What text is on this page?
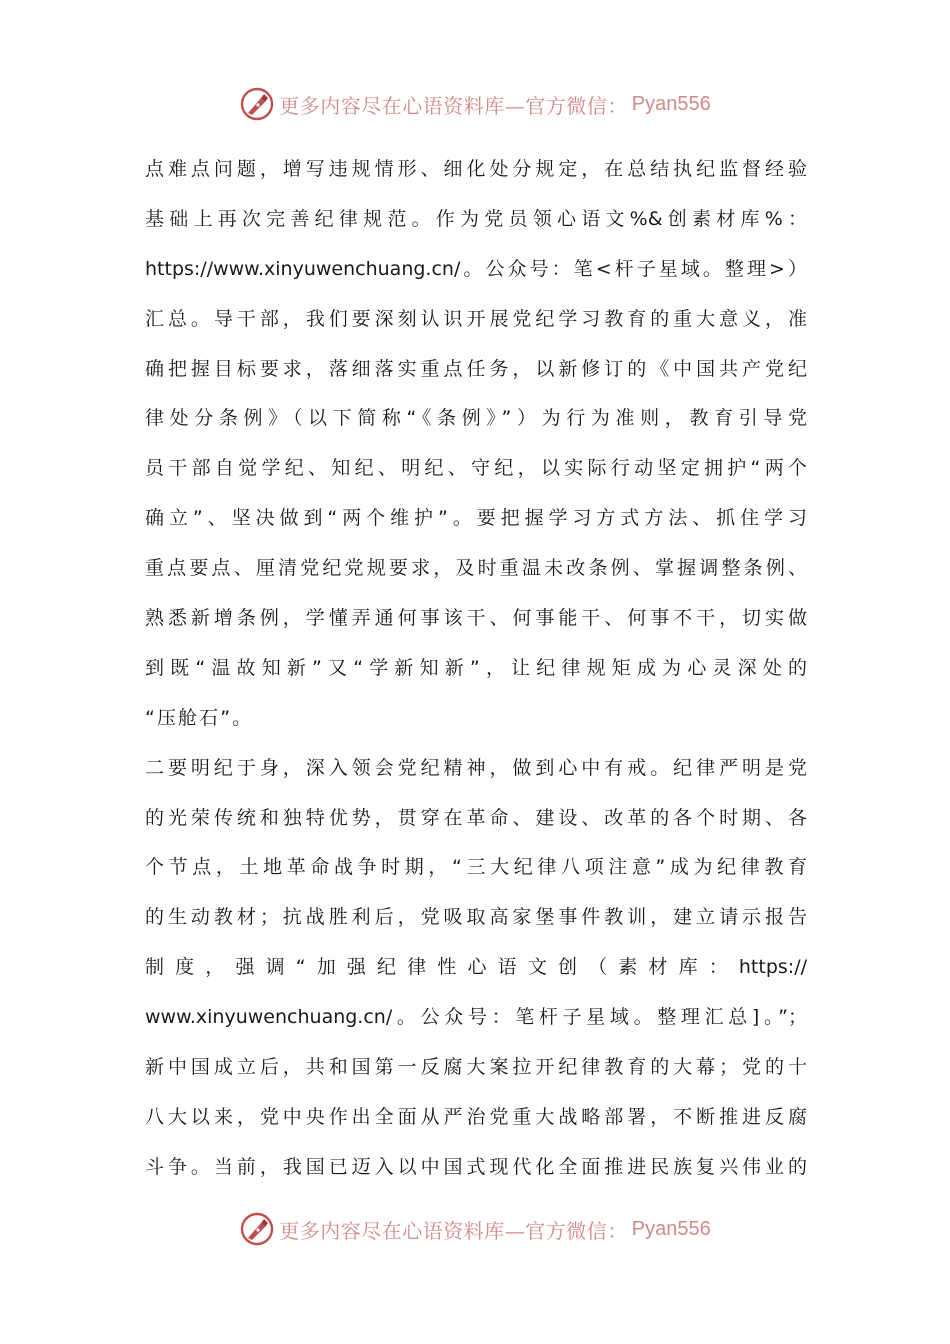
更多内容尽在心语资料库—官方微信： Pyan556
点难点问题，增写违规情形、细化处分规定，在总结执纪监督经验
基础上再次完善纪律规范。作为党员领心语文%&创素材库%：
https://www.xinyuwenchuang.cn/。公众号：笔<杆子星域。整理>）
汇总。导干部，我们要深刻认识开展党纪学习教育的重大意义，准
确把握目标要求，落细落实重点任务，以新修订的《中国共产党纪
律处分条例》（以下简称“《条例》”）为行为准则，教育引导党
员干部自觉学纪、知纪、明纪、守纪，以实际行动坚定拥护“两个
确立”、坚决做到“两个维护”。要把握学习方式方法、抓住学习
重点要点、厘清党纪党规要求，及时重温未改条例、掌握调整条例、
熟悉新增条例，学懂弄通何事该干、何事能干、何事不干，切实做
到既“温故知新”又“学新知新”，让纪律规矩成为心灵深处的
“压舱石”。
二要明纪于身，深入领会党纪精神，做到心中有戒。纪律严明是党
的光荣传统和独特优势，贯穿在革命、建设、改革的各个时期、各
个节点，土地革命战争时期，“三大纪律八项注意”成为纪律教育
的生动教材；抗战胜利后，党吸取高家堡事件教训，建立请示报告
制度，强调“加强纪律性心语文创（素材库：https://
www.xinyuwenchuang.cn/。公众号：笔杆子星域。整理汇总]。”；
新中国成立后，共和国第一反腐大案拉开纪律教育的大幕；党的十
八大以来，党中央作出全面从严治党重大战略部署，不断推进反腐
斗争。当前，我国已迈入以中国式现代化全面推进民族复兴伟业的
更多内容尽在心语资料库—官方微信： Pyan556
